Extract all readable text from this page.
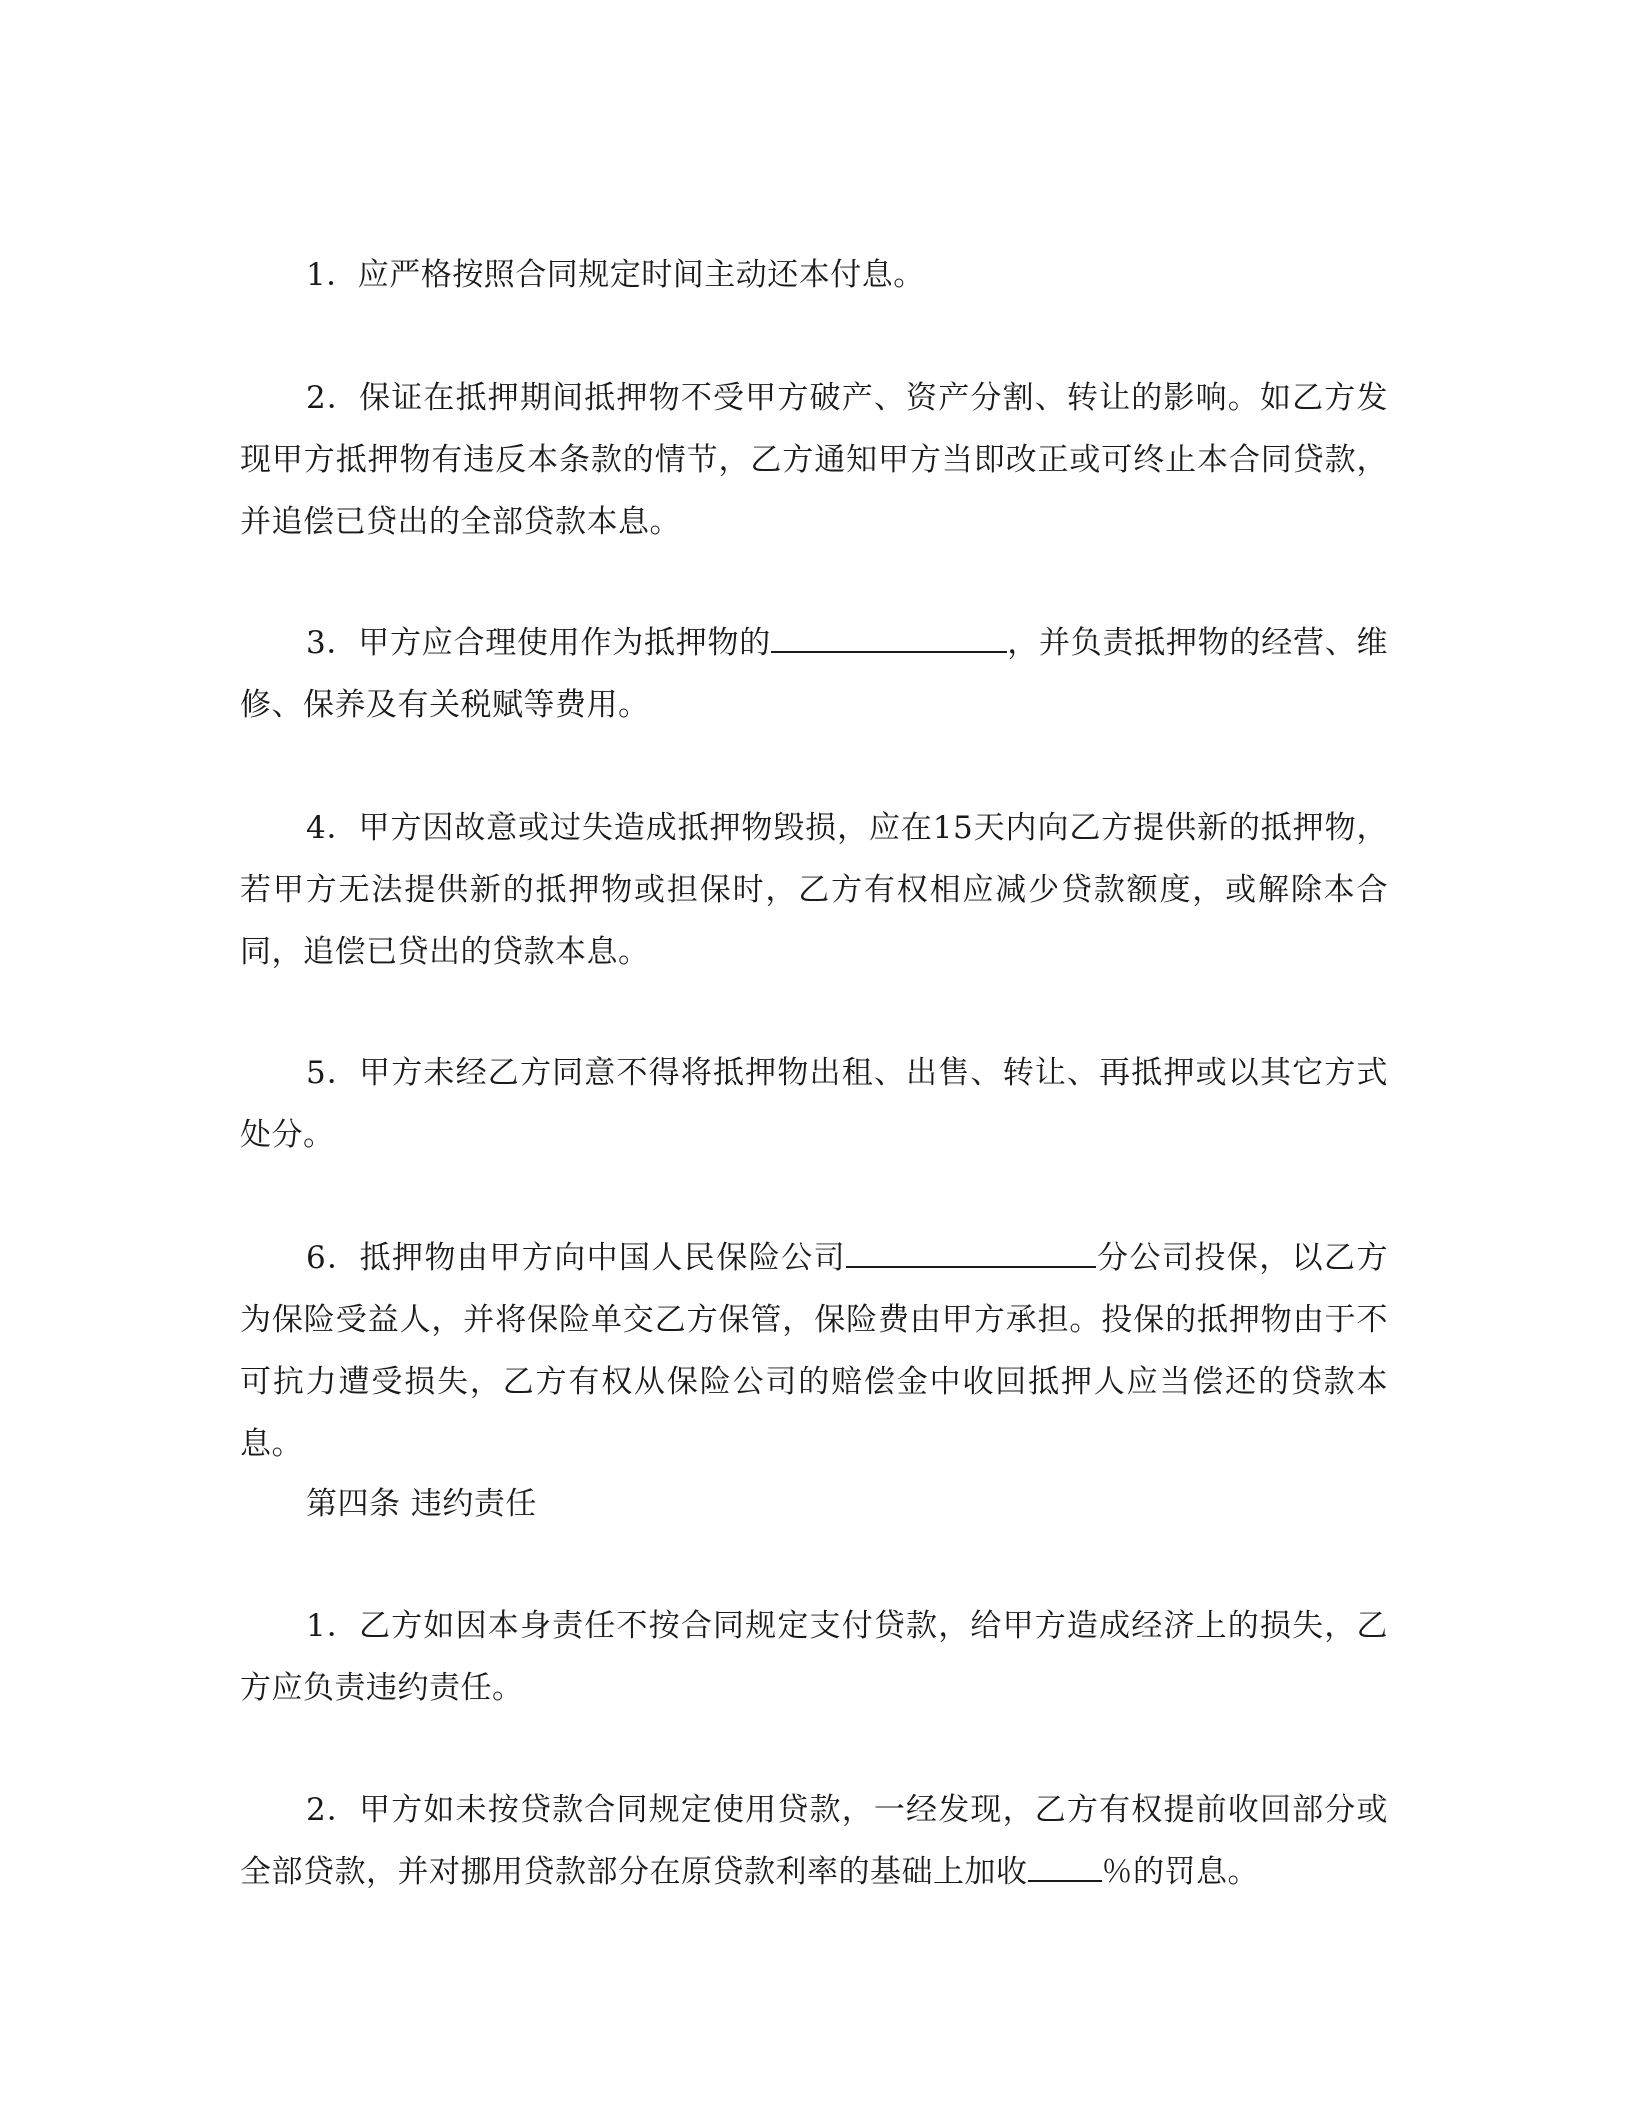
1．应严格按照合同规定时间主动还本付息。

2．保证在抵押期间抵押物不受甲方破产、资产分割、转让的影响。如乙方发现甲方抵押物有违反本条款的情节，乙方通知甲方当即改正或可终止本合同贷款，并追偿已贷出的全部贷款本息。

3．甲方应合理使用作为抵押物的	，并负责抵押物的经营、维修、保养及有关税赋等费用。

4．甲方因故意或过失造成抵押物毁损，应在15天内向乙方提供新的抵押物，若甲方无法提供新的抵押物或担保时，乙方有权相应减少贷款额度，或解除本合同，追偿已贷出的贷款本息。

5．甲方未经乙方同意不得将抵押物出租、出售、转让、再抵押或以其它方式处分。

6．抵押物由甲方向中国人民保险公司	分公司投保，以乙方为保险受益人，并将保险单交乙方保管，保险费由甲方承担。投保的抵押物由于不可抗力遭受损失，乙方有权从保险公司的赔偿金中收回抵押人应当偿还的贷款本息。

第四条 违约责任

1．乙方如因本身责任不按合同规定支付贷款，给甲方造成经济上的损失，乙方应负责违约责任。

2．甲方如未按贷款合同规定使用贷款，一经发现，乙方有权提前收回部分或全部贷款，并对挪用贷款部分在原贷款利率的基础上加收 ％的罚息。
